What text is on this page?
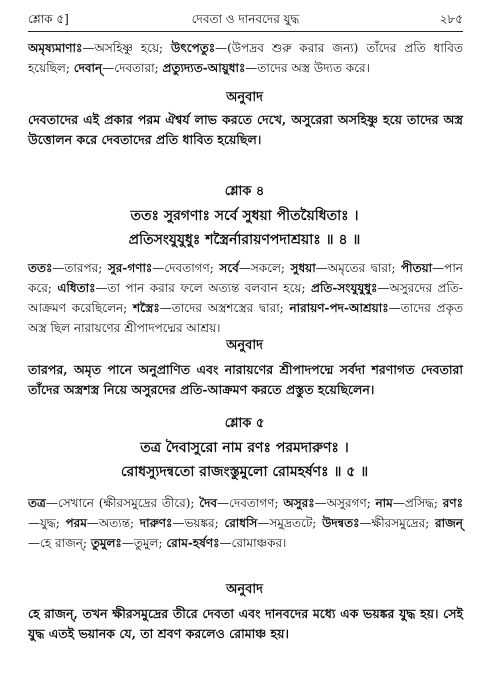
দেবতা ও দানবদের যুদ্ধ
শ্লোক ৫]	২৮৫
অমৃষ্যমাণাঃ—অসহিষ্ণু হয়ে; উৎপেতুঃ—(উপদ্রব শুরু করার জন্য) তাঁদের প্রতি ধাবিত হয়েছিল; দেবান্—দেবতারা; প্রত্যুদ্যত-আয়ুধাঃ—তাদের অস্ত্র উদ্যত করে।
অনুবাদ
দেবতাদের এই প্রকার পরম ঐশ্বর্য লাভ করতে দেখে, অসুরেরা অসহিষ্ণু হয়ে তাদের অস্ত্র উত্তোলন করে দেবতাদের প্রতি ধাবিত হয়েছিল।
শ্লোক ৪
ততঃ সুরগণাঃ সর্বে সুধয়া পীতয়ৈধিতাঃ ।
প্রতিসংযুযুধুঃ শস্ত্রৈর্নারায়ণপদাশ্রয়াঃ ॥ ৪ ॥
ততঃ—তারপর; সুর-গণাঃ—দেবতাগণ; সর্বে—সকলে; সুধয়া—অমৃতের দ্বারা; পীতয়া—পান করে; এধিতাঃ—তা পান করার ফলে অত্যন্ত বলবান হয়ে; প্রতি-সংযুযুধুঃ—অসুরদের প্রতি-আক্রমণ করেছিলেন; শস্ত্রৈঃ—তাদের অস্ত্রশস্ত্রের দ্বারা; নারায়ণ-পদ-আশ্রয়াঃ—তাদের প্রকৃত অস্ত্র ছিল নারায়ণের শ্রীপাদপদ্মের আশ্রয়।
অনুবাদ
তারপর, অমৃত পানে অনুপ্রাণিত এবং নারায়ণের শ্রীপাদপদ্মে সর্বদা শরণাগত দেবতারা তাঁদের অস্ত্রশস্ত্র নিয়ে অসুরদের প্রতি-আক্রমণ করতে প্রস্তুত হয়েছিলেন।
শ্লোক ৫
তত্র দৈবাসুরো নাম রণঃ পরমদারুণঃ ।
রোধস্যুদন্বতো রাজংস্তুমুলো রোমহর্ষণঃ ॥ ৫ ॥
তত্র—সেখানে (ক্ষীরসমুদ্রের তীরে); দৈব—দেবতাগণ; অসুরঃ—অসুরগণ; নাম—প্রসিদ্ধ; রণঃ—যুদ্ধ; পরম—অত্যন্ত; দারুণঃ—ভয়ঙ্কর; রোধসি—সমুদ্রতটে; উদন্বতঃ—ক্ষীরসমুদ্রের; রাজন্—হে রাজন্; তুমুলঃ—তুমুল; রোম-হর্ষণঃ—রোমাঞ্চকর।
অনুবাদ
হে রাজন্, তখন ক্ষীরসমুদ্রের তীরে দেবতা এবং দানবদের মধ্যে এক ভয়ঙ্কর যুদ্ধ হয়। সেই যুদ্ধ এতই ভয়ানক যে, তা শ্রবণ করলেও রোমাঞ্চ হয়।
